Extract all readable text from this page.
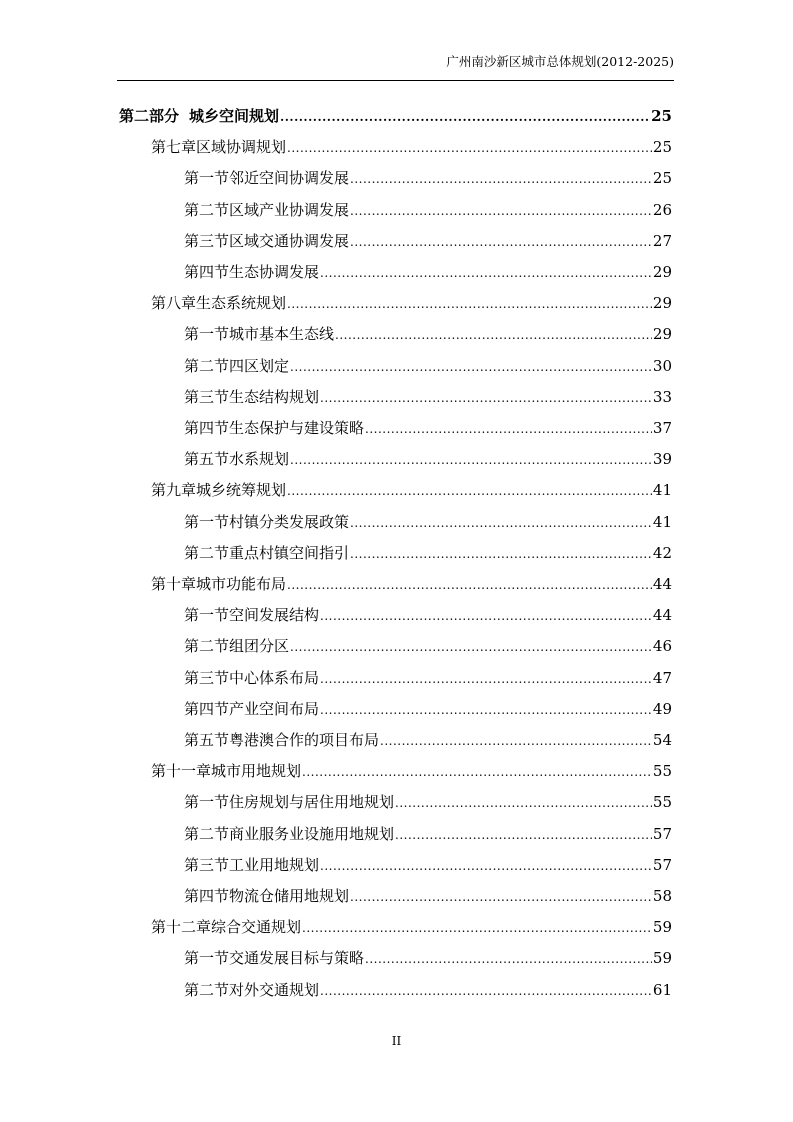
广州南沙新区城市总体规划(2012-2025)
第二部分 城乡空间规划 .....	25
第七章 区域协调规划 .....	25
第一节 邻近空间协调发展 .....	25
第二节 区域产业协调发展 .....	26
第三节 区域交通协调发展 .....	27
第四节 生态协调发展 .....	29
第八章 生态系统规划 .....	29
第一节 城市基本生态线 .....	29
第二节 四区划定 .....	30
第三节 生态结构规划 .....	33
第四节 生态保护与建设策略 .....	37
第五节 水系规划 .....	39
第九章 城乡统筹规划 .....	41
第一节 村镇分类发展政策 .....	41
第二节 重点村镇空间指引 .....	42
第十章 城市功能布局 .....	44
第一节 空间发展结构 .....	44
第二节 组团分区 .....	46
第三节 中心体系布局 .....	47
第四节 产业空间布局 .....	49
第五节 粤港澳合作的项目布局 .....	54
第十一章 城市用地规划 .....	55
第一节 住房规划与居住用地规划 .....	55
第二节 商业服务业设施用地规划 .....	57
第三节 工业用地规划 .....	57
第四节 物流仓储用地规划 .....	58
第十二章 综合交通规划 .....	59
第一节 交通发展目标与策略 .....	59
第二节 对外交通规划 .....	61
II
